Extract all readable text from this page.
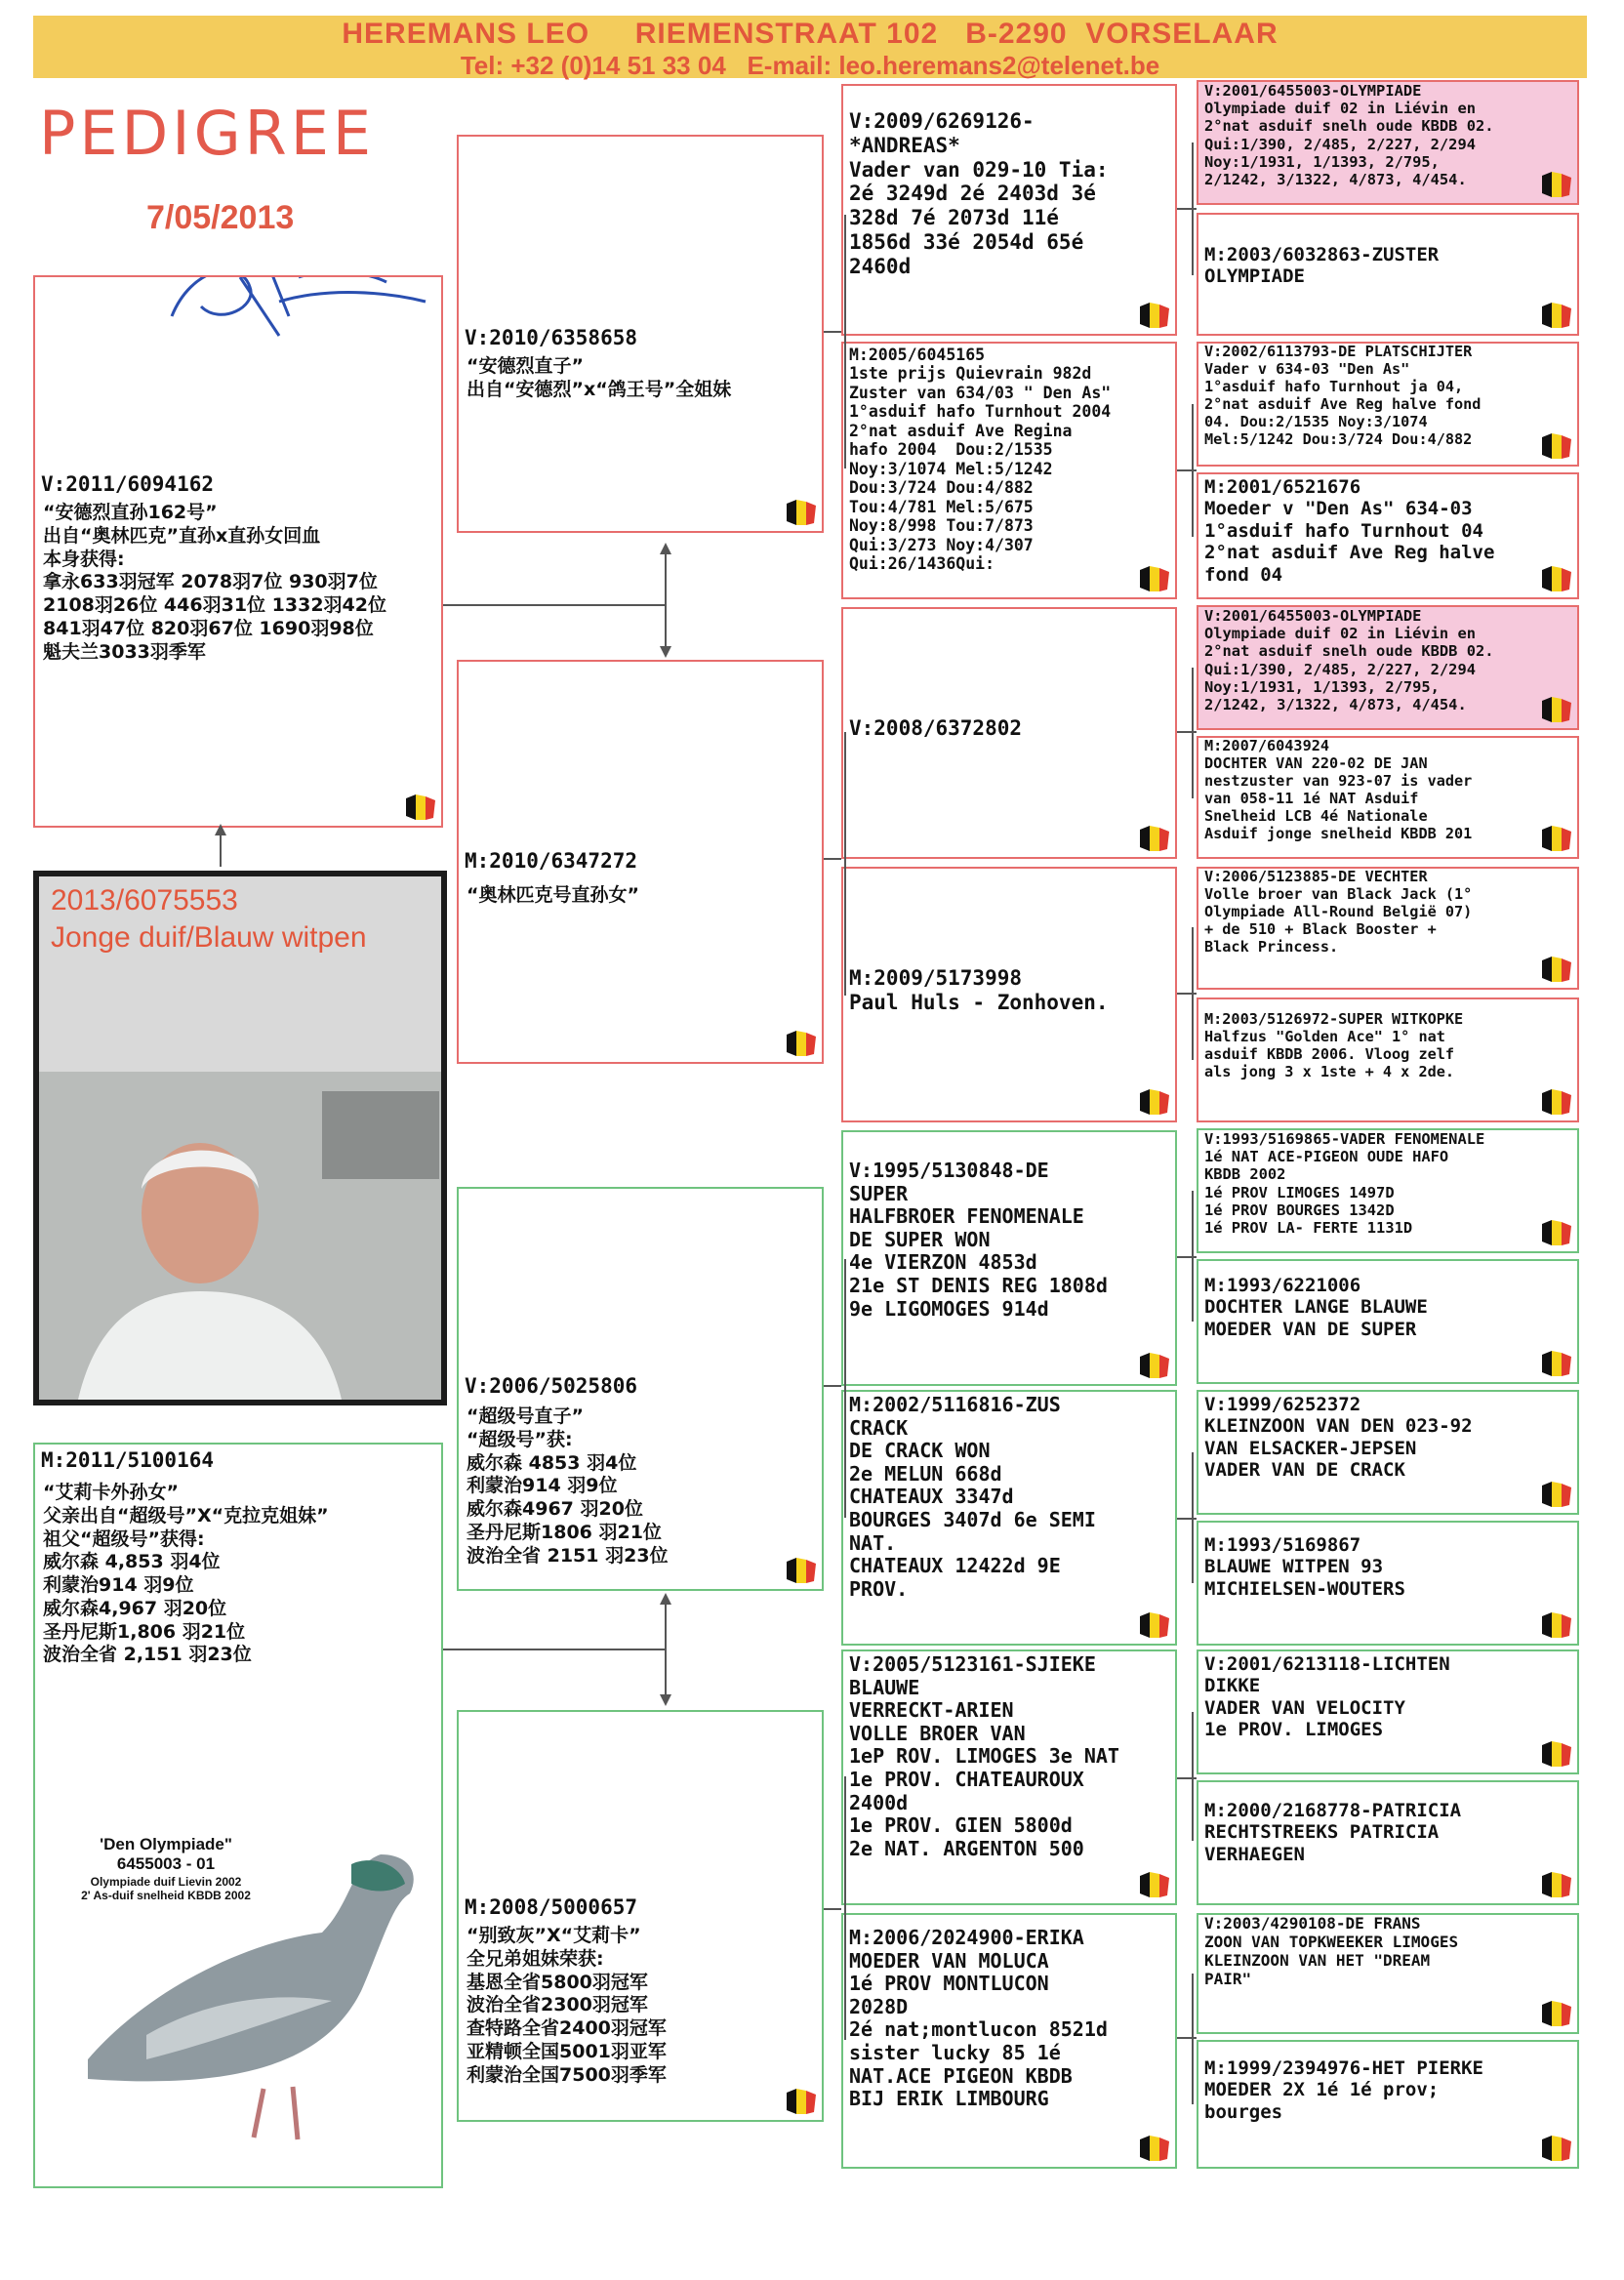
HEREMANS LEO     RIEMENSTRAAT 102   B-2290  VORSELAAR
Tel: +32 (0)14 51 33 04   E-mail: leo.heremans2@telenet.be
PEDIGREE
7/05/2013
V:2011/6094162
“安德烈直孙162号”
出自“奥林匹克”直孙x直孙女回血
本身获得:
拿永633羽冠军 2078羽7位 930羽7位
2108羽26位 446羽31位 1332羽42位
841羽47位 820羽67位 1690羽98位
魁夫兰3033羽季军
2013/6075553
Jonge duif/Blauw witpen
M:2011/5100164
“艾莉卡外孙女”
父亲出自“超级号”X“克拉克姐妹”
祖父“超级号”获得:
威尔森 4,853 羽4位
利蒙治914 羽9位
威尔森4,967 羽20位
圣丹尼斯1,806 羽21位
波治全省 2,151 羽23位
'Den Olympiade"
6455003 - 01
Olympiade duif Lievin 2002
2' As-duif snelheid KBDB 2002
V:2010/6358658
“安德烈直子”
出自“安德烈”x“鸽王号”全姐妹
M:2010/6347272
“奥林匹克号直孙女”
V:2006/5025806
“超级号直子”
“超级号”获:
威尔森 4853 羽4位
利蒙治914 羽9位
威尔森4967 羽20位
圣丹尼斯1806 羽21位
波治全省 2151 羽23位
M:2008/5000657
“别致灰”X“艾莉卡”
全兄弟姐妹荣获:
基恩全省5800羽冠军
波治全省2300羽冠军
查特路全省2400羽冠军
亚精顿全国5001羽亚军
利蒙治全国7500羽季军
V:2009/6269126-
*ANDREAS*
Vader van 029-10 Tia:
2é 3249d 2é 2403d 3é
328d 7é 2073d 11é
1856d 33é 2054d 65é
2460d
M:2005/6045165
1ste prijs Quievrain 982d
Zuster van 634/03 " Den As"
1°asduif hafo Turnhout 2004
2°nat asduif Ave Regina
hafo 2004  Dou:2/1535
Noy:3/1074 Mel:5/1242
Dou:3/724 Dou:4/882
Tou:4/781 Mel:5/675
Noy:8/998 Tou:7/873
Qui:3/273 Noy:4/307
Qui:26/1436Qui:
V:2008/6372802
M:2009/5173998
Paul Huls - Zonhoven.
V:1995/5130848-DE
SUPER
HALFBROER FENOMENALE
DE SUPER WON
4e VIERZON 4853d
21e ST DENIS REG 1808d
9e LIGOMOGES 914d
M:2002/5116816-ZUS
CRACK
DE CRACK WON
2e MELUN 668d
CHATEAUX 3347d
BOURGES 3407d 6e SEMI
NAT.
CHATEAUX 12422d 9E
PROV.
V:2005/5123161-SJIEKE
BLAUWE
VERRECKT-ARIEN
VOLLE BROER VAN
1eP ROV. LIMOGES 3e NAT
1e PROV. CHATEAUROUX
2400d
1e PROV. GIEN 5800d
2e NAT. ARGENTON 500
M:2006/2024900-ERIKA
MOEDER VAN MOLUCA
1é PROV MONTLUCON
2028D
2é nat;montlucon 8521d
sister lucky 85 1é
NAT.ACE PIGEON KBDB
BIJ ERIK LIMBOURG
V:2001/6455003-OLYMPIADE
Olympiade duif 02 in Liévin en
2°nat asduif snelh oude KBDB 02.
Qui:1/390, 2/485, 2/227, 2/294
Noy:1/1931, 1/1393, 2/795,
2/1242, 3/1322, 4/873, 4/454.
M:2003/6032863-ZUSTER
OLYMPIADE
V:2002/6113793-DE PLATSCHIJTER
Vader v 634-03 "Den As"
1°asduif hafo Turnhout ja 04,
2°nat asduif Ave Reg halve fond
04. Dou:2/1535 Noy:3/1074
Mel:5/1242 Dou:3/724 Dou:4/882
M:2001/6521676
Moeder v "Den As" 634-03
1°asduif hafo Turnhout 04
2°nat asduif Ave Reg halve
fond 04
V:2001/6455003-OLYMPIADE
Olympiade duif 02 in Liévin en
2°nat asduif snelh oude KBDB 02.
Qui:1/390, 2/485, 2/227, 2/294
Noy:1/1931, 1/1393, 2/795,
2/1242, 3/1322, 4/873, 4/454.
M:2007/6043924
DOCHTER VAN 220-02 DE JAN
nestzuster van 923-07 is vader
van 058-11 1é NAT Asduif
Snelheid LCB 4é Nationale
Asduif jonge snelheid KBDB 201
V:2006/5123885-DE VECHTER
Volle broer van Black Jack (1°
Olympiade All-Round België 07)
+ de 510 + Black Booster +
Black Princess.
M:2003/5126972-SUPER WITKOPKE
Halfzus "Golden Ace" 1° nat
asduif KBDB 2006. Vloog zelf
als jong 3 x 1ste + 4 x 2de.
V:1993/5169865-VADER FENOMENALE
1é NAT ACE-PIGEON OUDE HAFO
KBDB 2002
1é PROV LIMOGES 1497D
1é PROV BOURGES 1342D
1é PROV LA- FERTE 1131D
M:1993/6221006
DOCHTER LANGE BLAUWE
MOEDER VAN DE SUPER
V:1999/6252372
KLEINZOON VAN DEN 023-92
VAN ELSACKER-JEPSEN
VADER VAN DE CRACK
M:1993/5169867
BLAUWE WITPEN 93
MICHIELSEN-WOUTERS
V:2001/6213118-LICHTEN
DIKKE
VADER VAN VELOCITY
1e PROV. LIMOGES
M:2000/2168778-PATRICIA
RECHTSTREEKS PATRICIA
VERHAEGEN
V:2003/4290108-DE FRANS
ZOON VAN TOPKWEEKER LIMOGES
KLEINZOON VAN HET "DREAM
PAIR"
M:1999/2394976-HET PIERKE
MOEDER 2X 1é 1é prov;
bourges
